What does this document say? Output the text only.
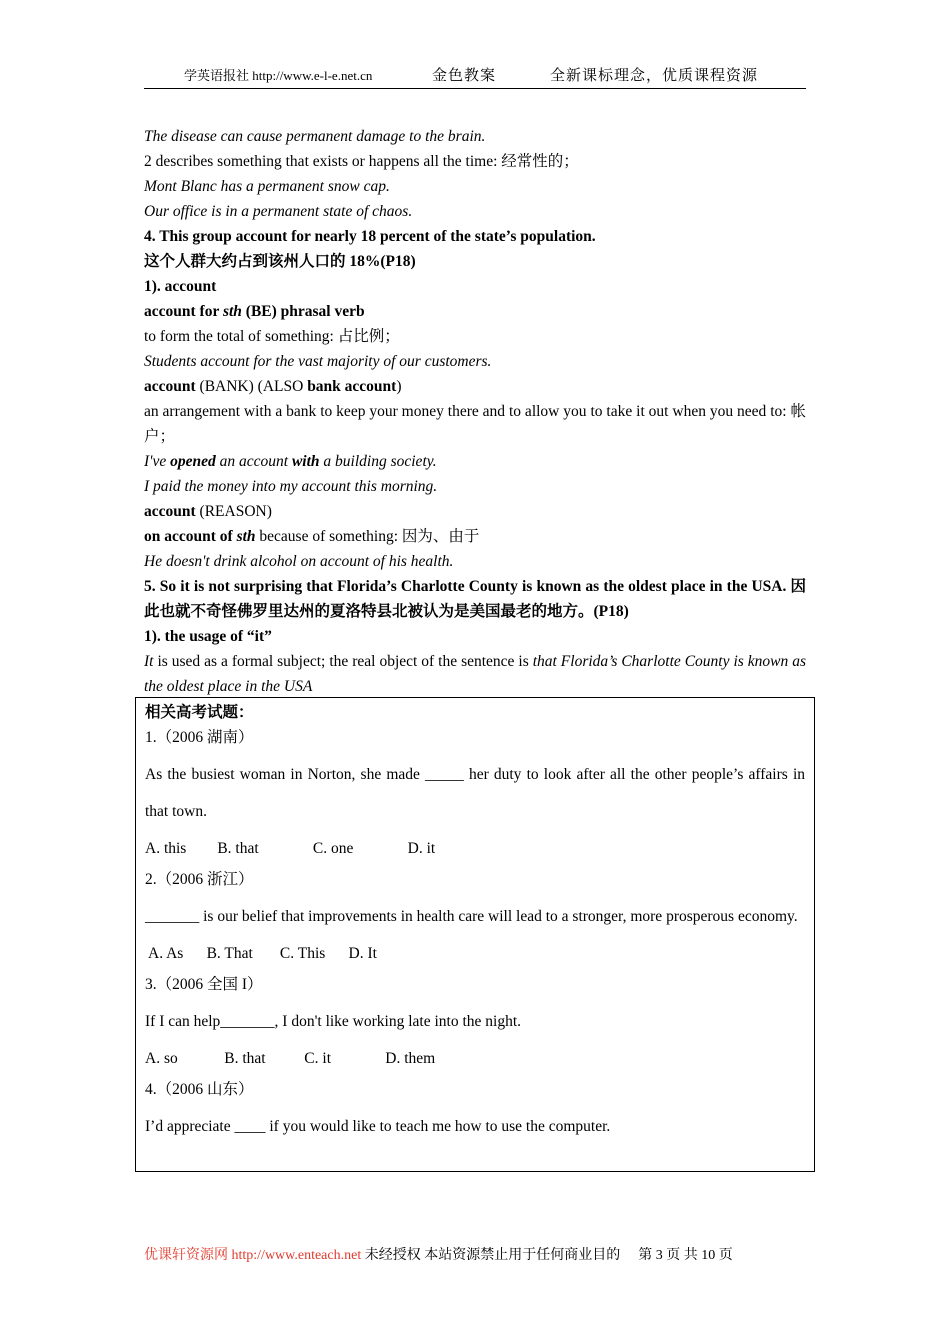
学英语报社 http://www.e-l-e.net.cn	金色教案	全新课标理念，优质课程资源

The disease can cause permanent damage to the brain.

2 describes something that exists or happens all the time: 经常性的；

Mont Blanc has a permanent snow cap.

Our office is in a permanent state of chaos.

4. This group account for nearly 18 percent of the state’s population.

这个人群大约占到该州人口的 18%(P18)

1). account

account for sth (BE) phrasal verb

to form the total of something: 占比例；

Students account for the vast majority of our customers.

account (BANK) (ALSO bank account)

an arrangement with a bank to keep your money there and to allow you to take it out when you need to: 帐户；

I've opened an account with a building society.

I paid the money into my account this morning.

account (REASON)

on account of sth because of something: 因为、由于

He doesn't drink alcohol on account of his health.

5. So it is not surprising that Florida’s Charlotte County is known as the oldest place in the USA. 因此也就不奇怪佛罗里达州的夏洛特县北被认为是美国最老的地方。(P18)

1). the usage of “it”

It is used as a formal subject; the real object of the sentence is that Florida’s Charlotte County is known as the oldest place in the USA

相关高考试题：

1.（2006 湖南）

As the busiest woman in Norton, she made _____ her duty to look after all the other people’s affairs in that town.

A. this        B. that              C. one              D. it

2.（2006 浙江）

_______ is our belief that improvements in health care will lead to a stronger, more prosperous economy.

A. As      B. That       C. This      D. It

3.（2006 全国 I）

If I can help_______, I don't like working late into the night.

A. so            B. that          C. it              D. them

4.（2006 山东）

I’d appreciate ____ if you would like to teach me how to use the computer.

优课轩资源网 http://www.enteach.net 未经授权 本站资源禁止用于任何商业目的 第 3 页 共 10 页
